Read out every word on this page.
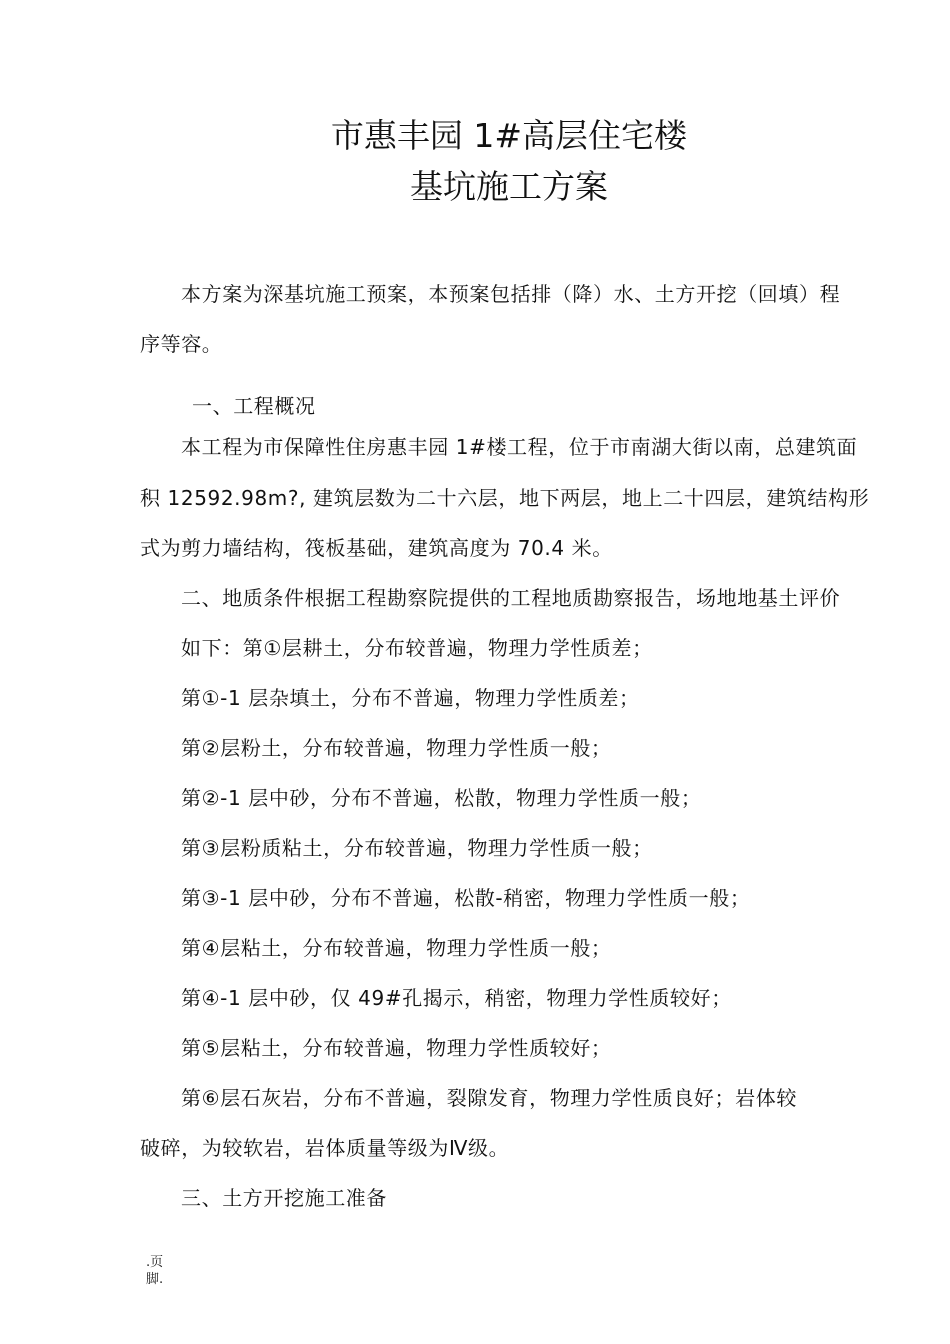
市惠丰园 1#高层住宅楼
基坑施工方案
本方案为深基坑施工预案，本预案包括排（降）水、土方开挖（回填）程
序等容。
一、工程概况
本工程为市保障性住房惠丰园 1#楼工程，位于市南湖大街以南，总建筑面
积 12592.98m?, 建筑层数为二十六层，地下两层，地上二十四层，建筑结构形
式为剪力墙结构，筏板基础，建筑高度为 70.4 米。
二、地质条件根据工程勘察院提供的工程地质勘察报告，场地地基土评价
如下：第①层耕土，分布较普遍，物理力学性质差；
第①-1 层杂填土，分布不普遍，物理力学性质差；
第②层粉土，分布较普遍，物理力学性质一般；
第②-1 层中砂，分布不普遍，松散，物理力学性质一般；
第③层粉质粘土，分布较普遍，物理力学性质一般；
第③-1 层中砂，分布不普遍，松散-稍密，物理力学性质一般；
第④层粘土，分布较普遍，物理力学性质一般；
第④-1 层中砂，仅 49#孔揭示，稍密，物理力学性质较好；
第⑤层粘土，分布较普遍，物理力学性质较好；
第⑥层石灰岩，分布不普遍，裂隙发育，物理力学性质良好；岩体较
破碎，为较软岩，岩体质量等级为Ⅳ级。
三、土方开挖施工准备
.页
脚.
